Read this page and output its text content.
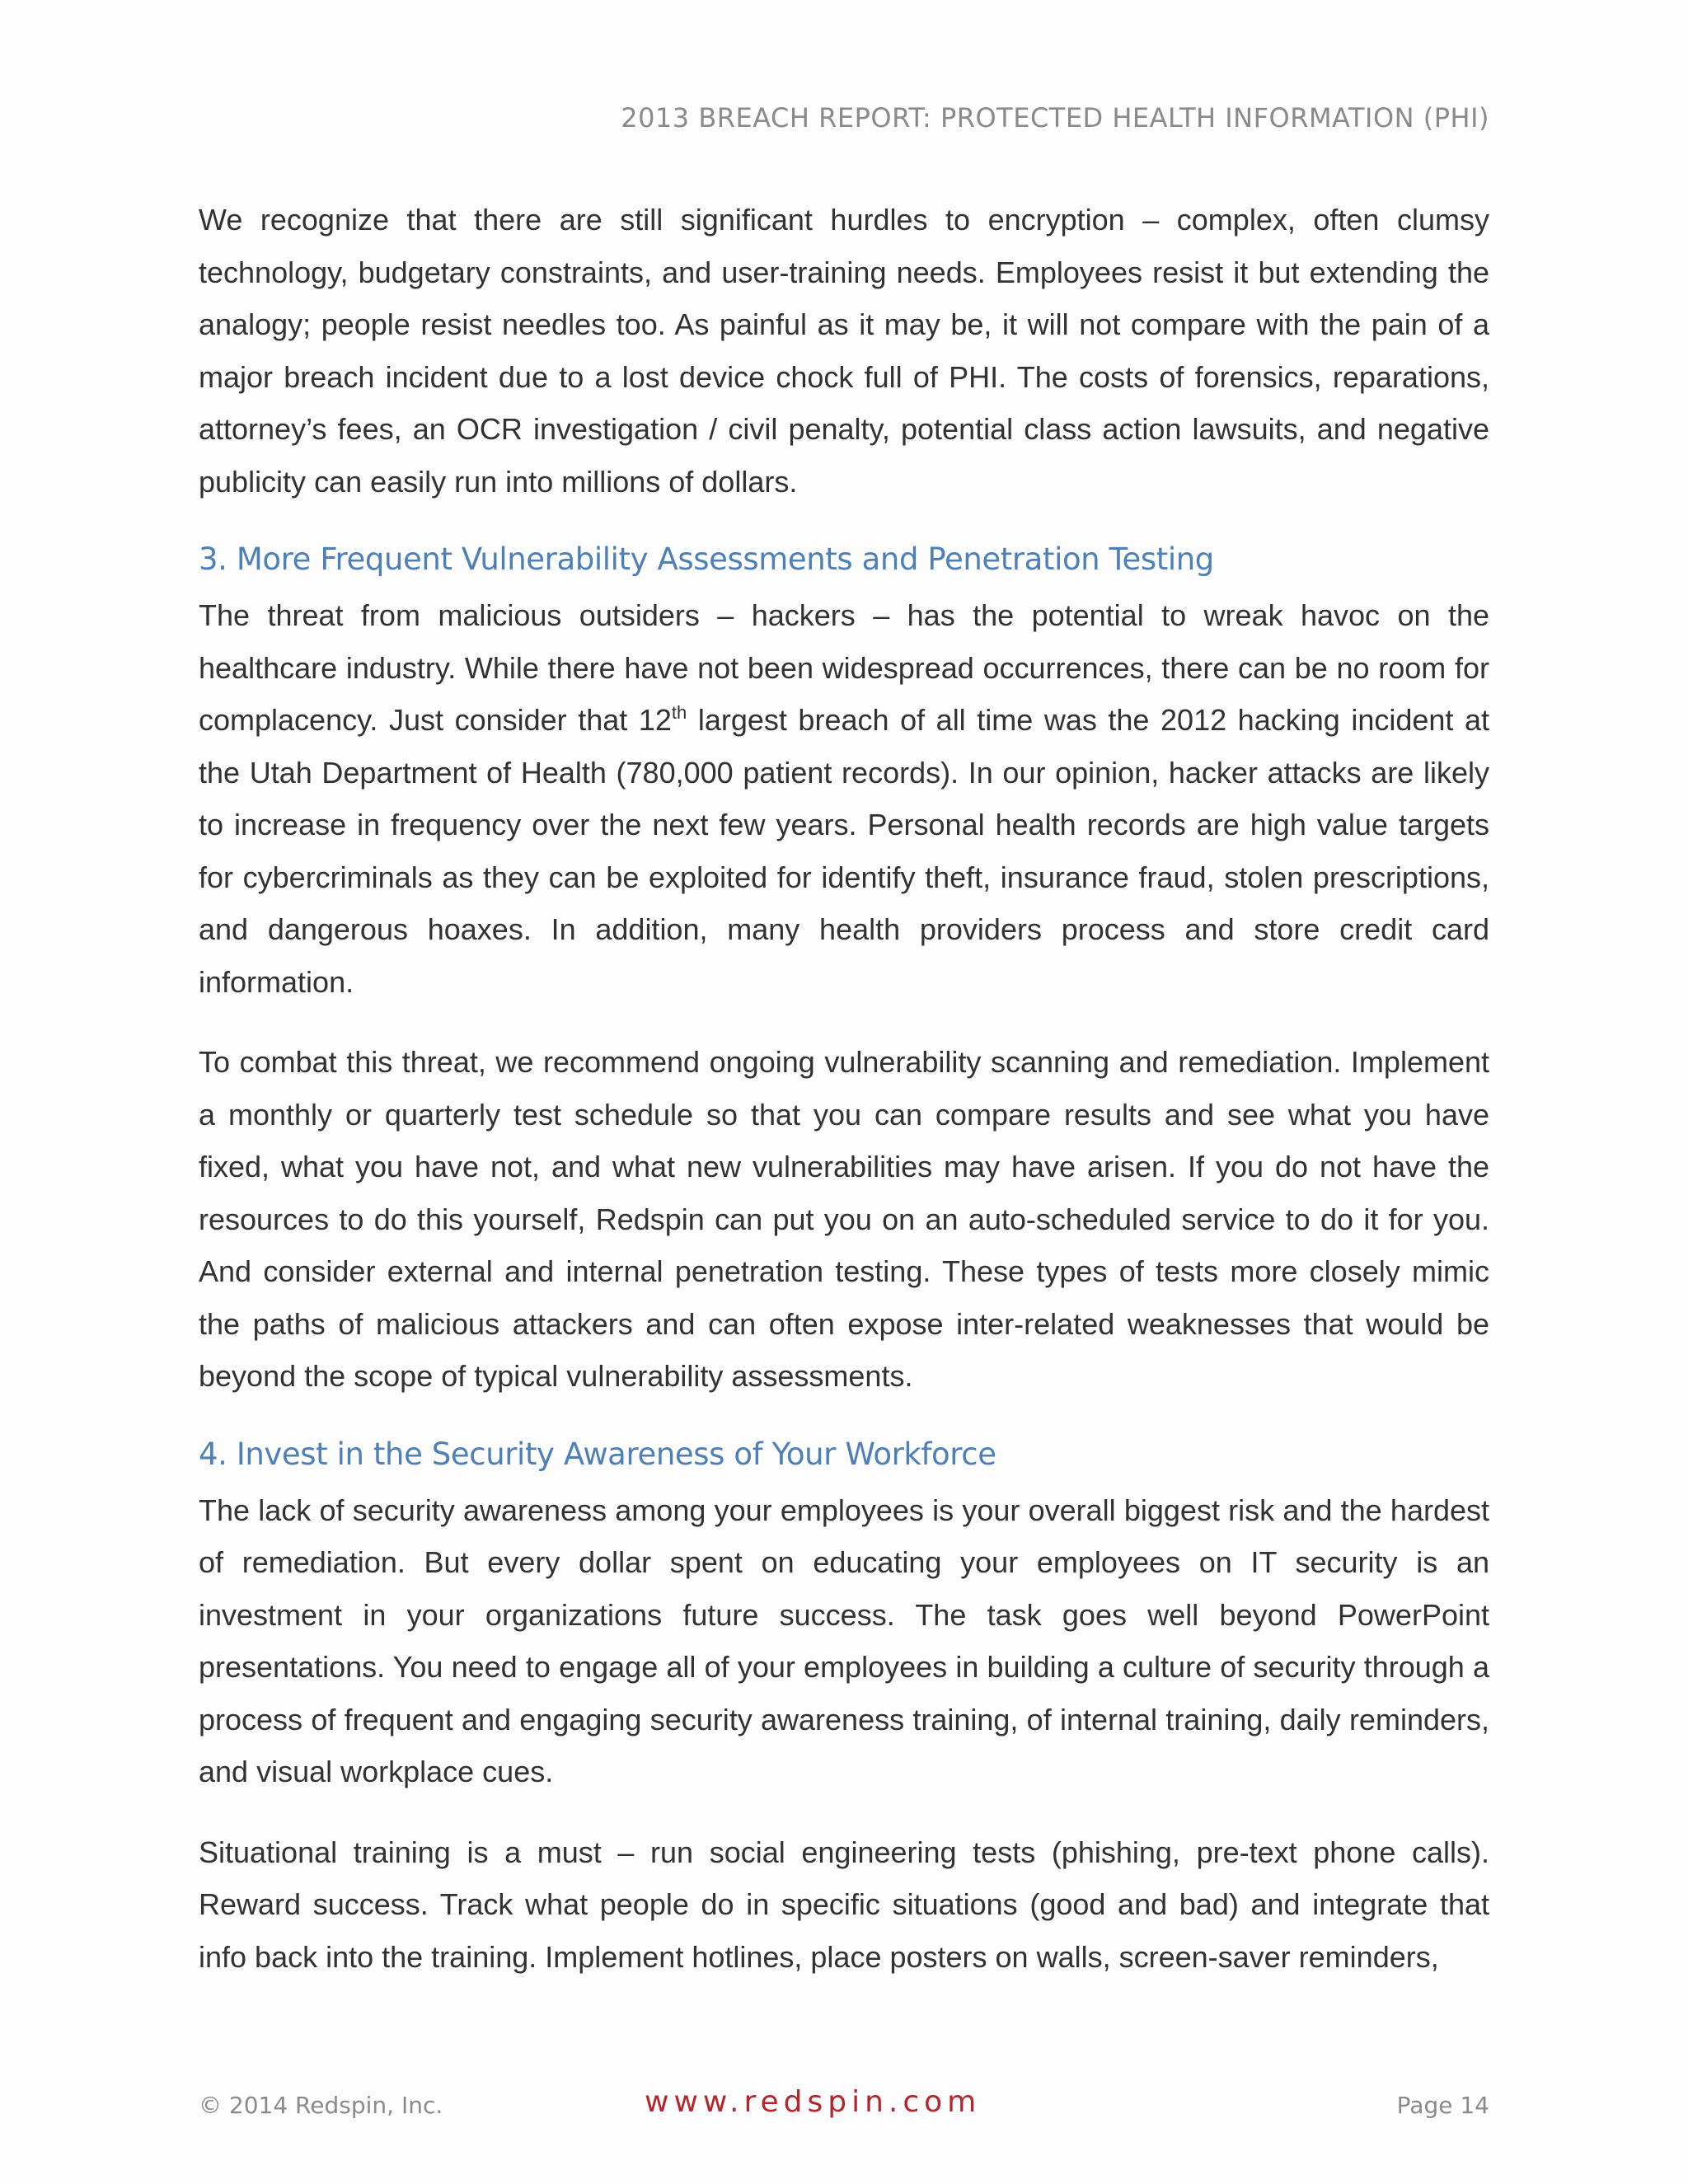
2013 BREACH REPORT: PROTECTED HEALTH INFORMATION (PHI)

We recognize that there are still significant hurdles to encryption – complex, often clumsy technology, budgetary constraints, and user-training needs. Employees resist it but extending the analogy; people resist needles too. As painful as it may be, it will not compare with the pain of a major breach incident due to a lost device chock full of PHI. The costs of forensics, reparations, attorney’s fees, an OCR investigation / civil penalty, potential class action lawsuits, and negative publicity can easily run into millions of dollars.

3. More Frequent Vulnerability Assessments and Penetration Testing

The threat from malicious outsiders – hackers – has the potential to wreak havoc on the healthcare industry. While there have not been widespread occurrences, there can be no room for complacency. Just consider that 12th largest breach of all time was the 2012 hacking incident at the Utah Department of Health (780,000 patient records). In our opinion, hacker attacks are likely to increase in frequency over the next few years. Personal health records are high value targets for cybercriminals as they can be exploited for identify theft, insurance fraud, stolen prescriptions, and dangerous hoaxes. In addition, many health providers process and store credit card information.

To combat this threat, we recommend ongoing vulnerability scanning and remediation. Implement a monthly or quarterly test schedule so that you can compare results and see what you have fixed, what you have not, and what new vulnerabilities may have arisen. If you do not have the resources to do this yourself, Redspin can put you on an auto-scheduled service to do it for you. And consider external and internal penetration testing. These types of tests more closely mimic the paths of malicious attackers and can often expose inter-related weaknesses that would be beyond the scope of typical vulnerability assessments.

4. Invest in the Security Awareness of Your Workforce

The lack of security awareness among your employees is your overall biggest risk and the hardest of remediation. But every dollar spent on educating your employees on IT security is an investment in your organizations future success. The task goes well beyond PowerPoint presentations. You need to engage all of your employees in building a culture of security through a process of frequent and engaging security awareness training, of internal training, daily reminders, and visual workplace cues.

Situational training is a must – run social engineering tests (phishing, pre-text phone calls). Reward success. Track what people do in specific situations (good and bad) and integrate that info back into the training. Implement hotlines, place posters on walls, screen-saver reminders,

© 2014 Redspin, Inc.	www.redspin.com	Page 14
